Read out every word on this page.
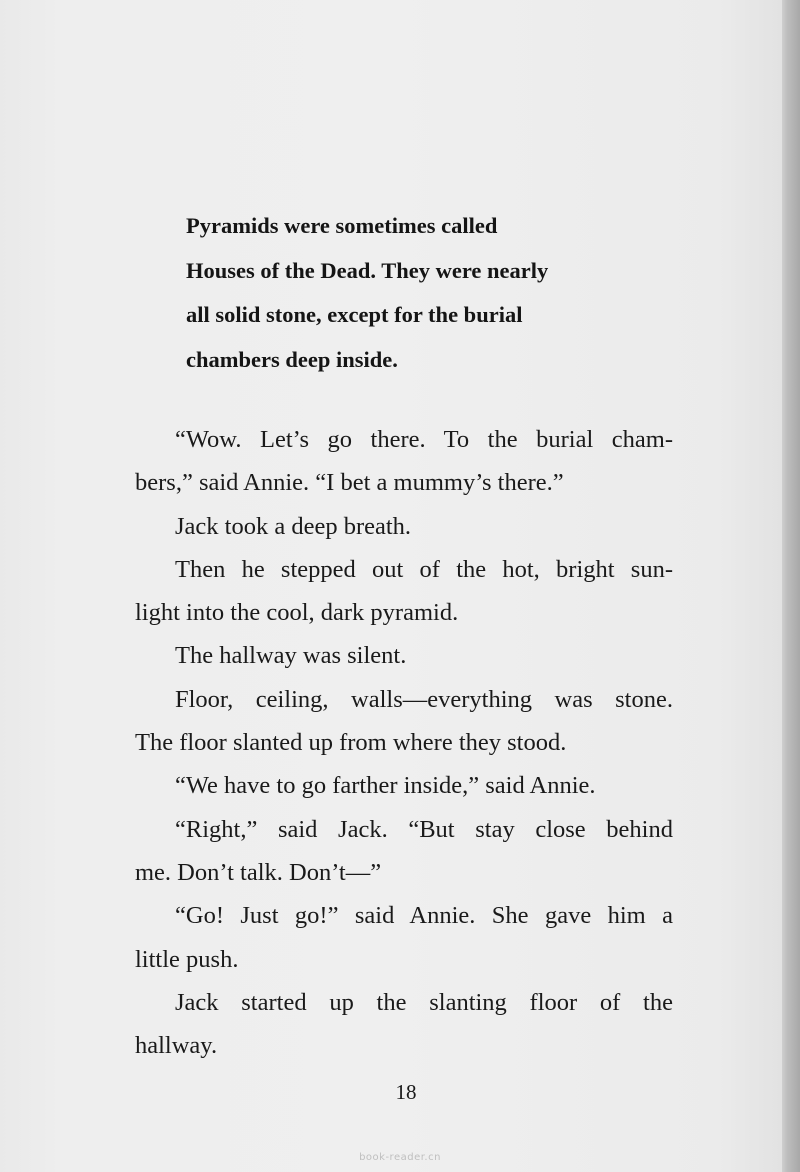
Pyramids were sometimes called
Houses of the Dead. They were nearly
all solid stone, except for the burial
chambers deep inside.
“Wow. Let’s go there. To the burial cham-
bers,” said Annie. “I bet a mummy’s there.”
Jack took a deep breath.
Then he stepped out of the hot, bright sun-
light into the cool, dark pyramid.
The hallway was silent.
Floor, ceiling, walls—everything was stone.
The floor slanted up from where they stood.
“We have to go farther inside,” said Annie.
“Right,” said Jack. “But stay close behind
me. Don’t talk. Don’t—”
“Go! Just go!” said Annie. She gave him a
little push.
Jack started up the slanting floor of the
hallway.
18
book-reader.cn
